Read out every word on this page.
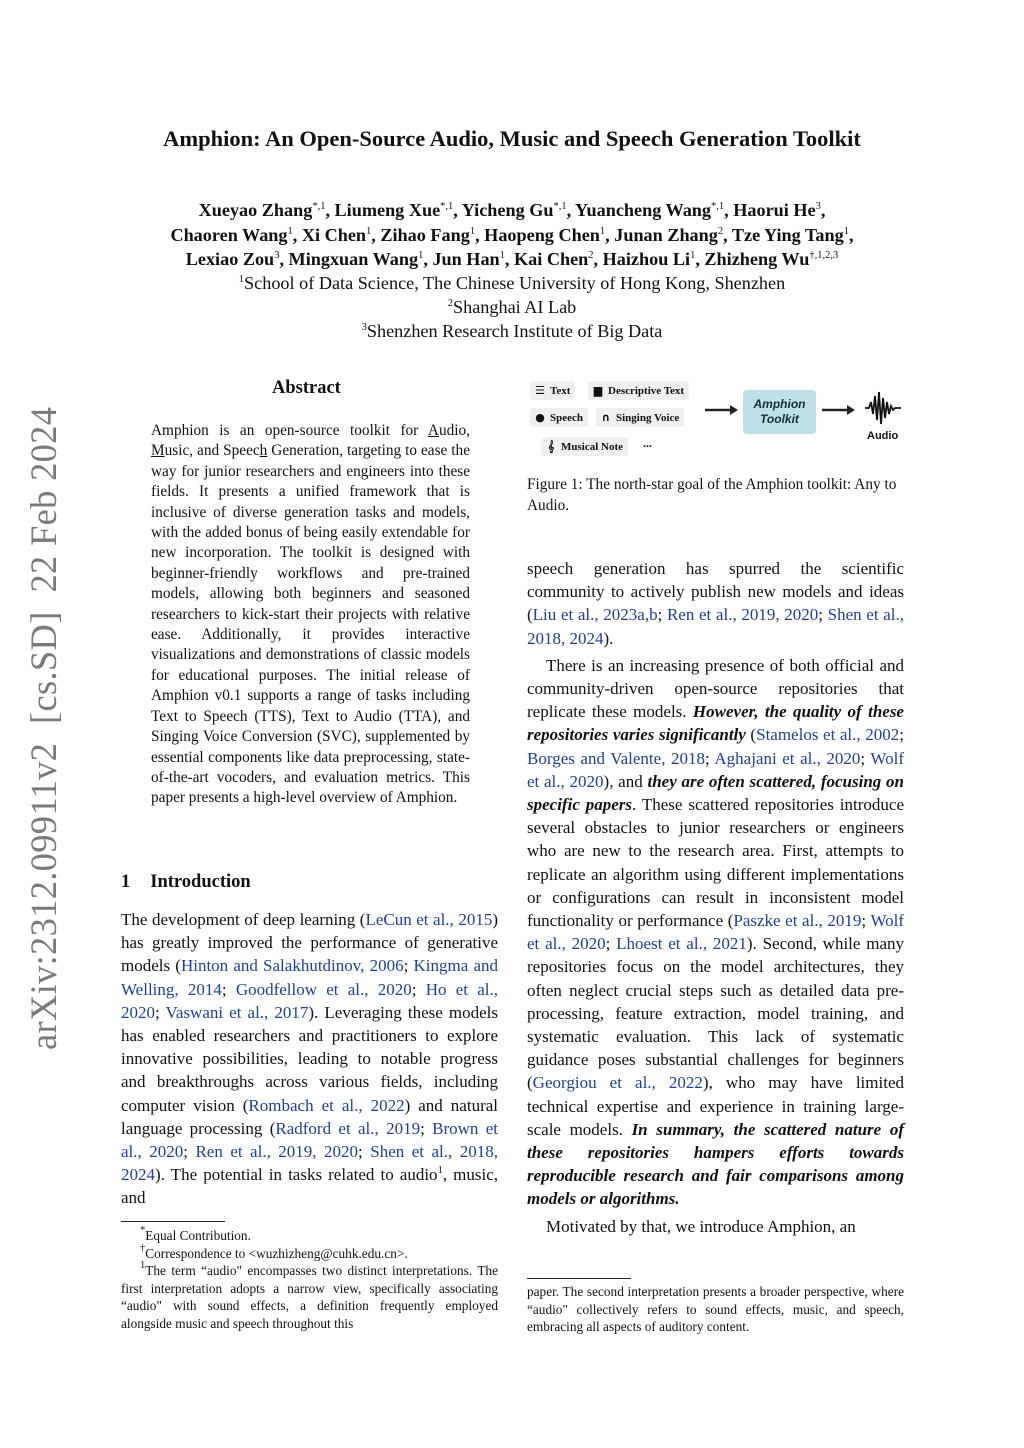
Amphion: An Open-Source Audio, Music and Speech Generation Toolkit
Xueyao Zhang$^{*,1}$, Liumeng Xue$^{*,1}$, Yicheng $Gu^{*,1}$, Yuancheng Wang$^{*,1}$, Haorui He$^3$,
Chaoren Wang$^1$, Xi Chen$^1$, Zihao Fang$^1$, Haopeng Chen$^1$, Junan Zhang$^2$, Tze Ying Tang$^1$,
Lexiao Zou$^3$, Mingxuan Wang$^1$, Jun Han$^1$, Kai Chen$^2$, Haizhou Li$^1$, Zhizheng $Wu^{\dagger,1,2,3}$
$^1$School of Data Science, The Chinese University of Hong Kong, Shenzhen
$^2$Shanghai AI Lab
$^3$Shenzhen Research Institute of Big Data
arXiv:2312.09911v2  [cs.SD]  22 Feb 2024
Abstract
Amphion is an open-source toolkit for Audio, Music, and Speech Generation, targeting to ease the way for junior researchers and engineers into these fields. It presents a unified framework that is inclusive of diverse generation tasks and models, with the added bonus of being easily extendable for new incorporation. The toolkit is designed with beginner-friendly workflows and pre-trained models, allowing both beginners and seasoned researchers to kick-start their projects with relative ease. Additionally, it provides interactive visualizations and demonstrations of classic models for educational purposes. The initial release of Amphion v0.1 supports a range of tasks including Text to Speech (TTS), Text to Audio (TTA), and Singing Voice Conversion (SVC), supplemented by essential components like data preprocessing, state-of-the-art vocoders, and evaluation metrics. This paper presents a high-level overview of Amphion.
1 Introduction
The development of deep learning (LeCun et al., 2015) has greatly improved the performance of generative models (Hinton and Salakhutdinov, 2006; Kingma and Welling, 2014; Goodfellow et al., 2020; Ho et al., 2020; Vaswani et al., 2017). Leveraging these models has enabled researchers and practitioners to explore innovative possibilities, leading to notable progress and breakthroughs across various fields, including computer vision (Rombach et al., 2022) and natural language processing (Radford et al., 2019; Brown et al., 2020; Ren et al., 2019, 2020; Shen et al., 2018, 2024). The potential in tasks related to audio$^1$, music, and
☰ Text	▆ Descriptive Text
● Speech	∩ Singing Voice
𝄞 Musical Note	...
Amphion Toolkit
Audio
Figure 1: The north-star goal of the Amphion toolkit: Any to Audio.

speech generation has spurred the scientific community to actively publish new models and ideas (Liu et al., 2023a,b; Ren et al., 2019, 2020; Shen et al., 2018, 2024).

There is an increasing presence of both official and community-driven open-source repositories that replicate these models. However, the quality of these repositories varies significantly (Stamelos et al., 2002; Borges and Valente, 2018; Aghajani et al., 2020; Wolf et al., 2020), and they are often scattered, focusing on specific papers. These scattered repositories introduce several obstacles to junior researchers or engineers who are new to the research area. First, attempts to replicate an algorithm using different implementations or configurations can result in inconsistent model functionality or performance (Paszke et al., 2019; Wolf et al., 2020; Lhoest et al., 2021). Second, while many repositories focus on the model architectures, they often neglect crucial steps such as detailed data pre-processing, feature extraction, model training, and systematic evaluation. This lack of systematic guidance poses substantial challenges for beginners (Georgiou et al., 2022), who may have limited technical expertise and experience in training large-scale models. In summary, the scattered nature of these repositories hampers efforts towards reproducible research and fair comparisons among models or algorithms.

Motivated by that, we introduce Amphion, an

*Equal Contribution.
†Correspondence to <wuzhizheng@cuhk.edu.cn>.
$^1$The term “audio" encompasses two distinct interpretations. The first interpretation adopts a narrow view, specifically associating “audio" with sound effects, a definition frequently employed alongside music and speech throughout this
paper. The second interpretation presents a broader perspective, where “audio" collectively refers to sound effects, music, and speech, embracing all aspects of auditory content.
